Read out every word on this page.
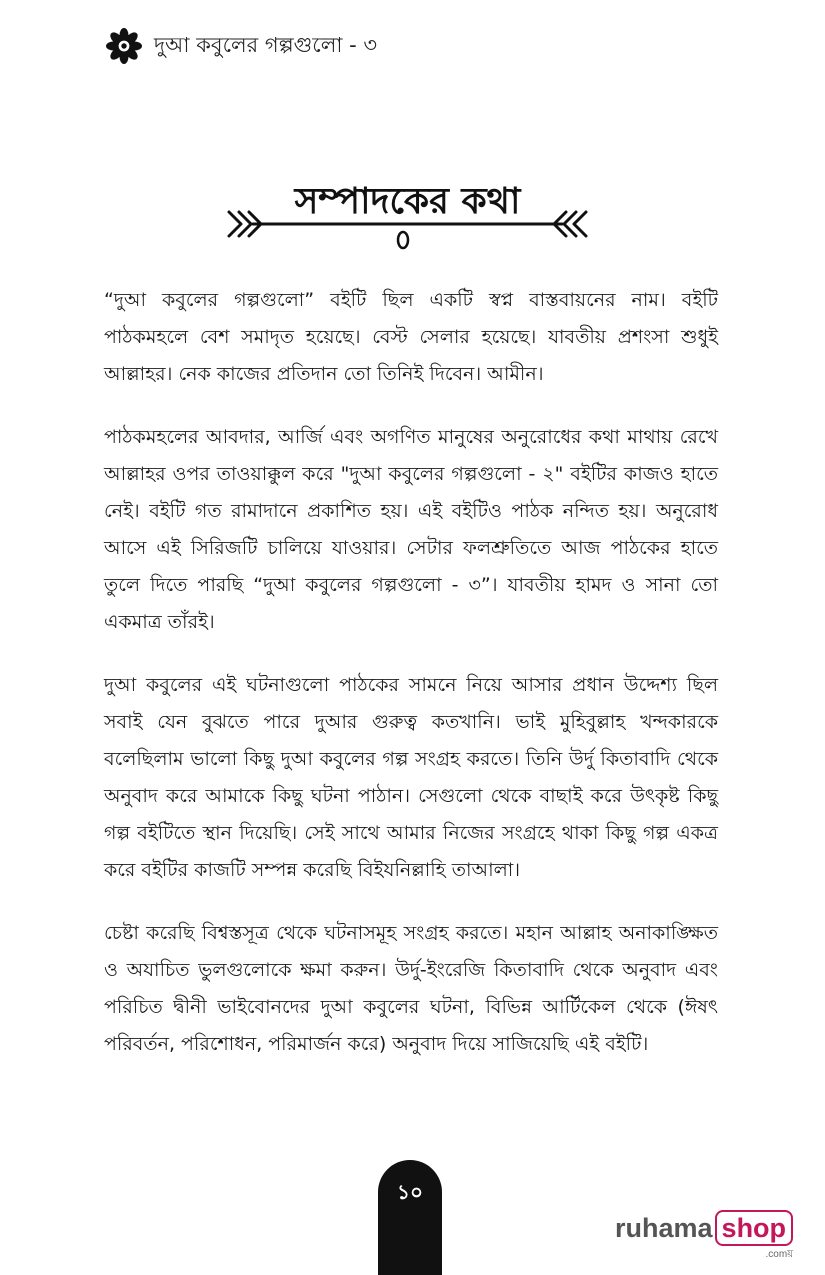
দুআ কবুলের গল্পগুলো - ৩
সম্পাদকের কথা

“দুআ কবুলের গল্পগুলো” বইটি ছিল একটি স্বপ্ন বাস্তবায়নের নাম। বইটি পাঠকমহলে বেশ সমাদৃত হয়েছে। বেস্ট সেলার হয়েছে। যাবতীয় প্রশংসা শুধুই আল্লাহর। নেক কাজের প্রতিদান তো তিনিই দিবেন। আমীন।

পাঠকমহলের আবদার, আর্জি এবং অগণিত মানুষের অনুরোধের কথা মাথায় রেখে আল্লাহর ওপর তাওয়াক্কুল করে "দুআ কবুলের গল্পগুলো - ২" বইটির কাজও হাতে নেই। বইটি গত রামাদানে প্রকাশিত হয়। এই বইটিও পাঠক নন্দিত হয়। অনুরোধ আসে এই সিরিজটি চালিয়ে যাওয়ার। সেটার ফলশ্রুতিতে আজ পাঠকের হাতে তুলে দিতে পারছি “দুআ কবুলের গল্পগুলো - ৩”। যাবতীয় হামদ ও সানা তো একমাত্র তাঁরই।

দুআ কবুলের এই ঘটনাগুলো পাঠকের সামনে নিয়ে আসার প্রধান উদ্দেশ্য ছিল সবাই যেন বুঝতে পারে দুআর গুরুত্ব কতখানি। ভাই মুহিবুল্লাহ খন্দকারকে বলেছিলাম ভালো কিছু দুআ কবুলের গল্প সংগ্রহ করতে। তিনি উর্দু কিতাবাদি থেকে অনুবাদ করে আমাকে কিছু ঘটনা পাঠান। সেগুলো থেকে বাছাই করে উৎকৃষ্ট কিছু গল্প বইটিতে স্থান দিয়েছি। সেই সাথে আমার নিজের সংগ্রহে থাকা কিছু গল্প একত্র করে বইটির কাজটি সম্পন্ন করেছি বিইযনিল্লাহি তাআলা।

চেষ্টা করেছি বিশ্বস্তসূত্র থেকে ঘটনাসমূহ সংগ্রহ করতে। মহান আল্লাহ অনাকাঙ্ক্ষিত ও অযাচিত ভুলগুলোকে ক্ষমা করুন। উর্দু-ইংরেজি কিতাবাদি থেকে অনুবাদ এবং পরিচিত দ্বীনী ভাইবোনদের দুআ কবুলের ঘটনা, বিভিন্ন আর্টিকেল থেকে (ঈষৎ পরিবর্তন, পরিশোধন, পরিমার্জন করে) অনুবাদ দিয়ে সাজিয়েছি এই বইটি।

১০
ruhama shop
.comয়
